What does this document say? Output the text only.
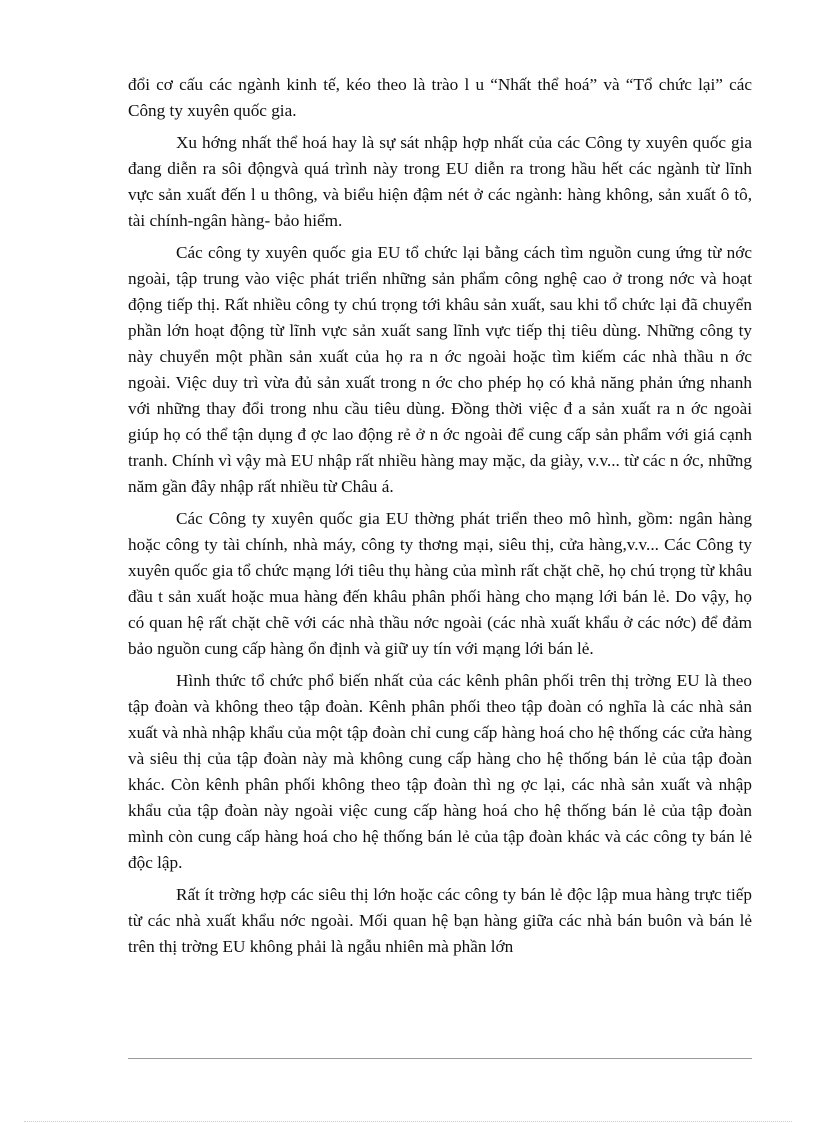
đổi cơ cấu các ngành kinh tế, kéo theo là trào l u “Nhất thể hoá” và “Tổ chức lại” các Công ty xuyên quốc gia.

Xu hớng nhất thể hoá hay là sự sát nhập hợp nhất của các Công ty xuyên quốc gia đang diễn ra sôi độngvà quá trình này trong EU diễn ra trong hầu hết các ngành từ lĩnh vực sản xuất đến l u thông, và biểu hiện đậm nét ở các ngành: hàng không, sản xuất ô tô, tài chính-ngân hàng- bảo hiểm.

Các công ty xuyên quốc gia EU tổ chức lại bằng cách tìm nguồn cung ứng từ nớc ngoài, tập trung vào việc phát triển những sản phẩm công nghệ cao ở trong nớc và hoạt động tiếp thị. Rất nhiều công ty chú trọng tới khâu sản xuất, sau khi tổ chức lại đã chuyển phần lớn hoạt động từ lĩnh vực sản xuất sang lĩnh vực tiếp thị tiêu dùng. Những công ty này chuyển một phần sản xuất của họ ra n ớc ngoài hoặc tìm kiếm các nhà thầu n ớc ngoài. Việc duy trì vừa đủ sản xuất trong n ớc cho phép họ có khả năng phản ứng nhanh với những thay đổi trong nhu cầu tiêu dùng. Đồng thời việc đ a sản xuất ra n ớc ngoài giúp họ có thể tận dụng đ ợc lao động rẻ ở n ớc ngoài để cung cấp sản phẩm với giá cạnh tranh. Chính vì vậy mà EU nhập rất nhiều hàng may mặc, da giày, v.v... từ các n ớc, những năm gần đây nhập rất nhiều từ Châu á.

Các Công ty xuyên quốc gia EU thờng phát triển theo mô hình, gồm: ngân hàng hoặc công ty tài chính, nhà máy, công ty thơng mại, siêu thị, cửa hàng,v.v... Các Công ty xuyên quốc gia tổ chức mạng lới tiêu thụ hàng của mình rất chặt chẽ, họ chú trọng từ khâu đầu t sản xuất hoặc mua hàng đến khâu phân phối hàng cho mạng lới bán lẻ. Do vậy, họ có quan hệ rất chặt chẽ với các nhà thầu nớc ngoài (các nhà xuất khẩu ở các nớc) để đảm bảo nguồn cung cấp hàng ổn định và giữ uy tín với mạng lới bán lẻ.

Hình thức tổ chức phổ biến nhất của các kênh phân phối trên thị trờng EU là theo tập đoàn và không theo tập đoàn. Kênh phân phối theo tập đoàn có nghĩa là các nhà sản xuất và nhà nhập khẩu của một tập đoàn chỉ cung cấp hàng hoá cho hệ thống các cửa hàng và siêu thị của tập đoàn này mà không cung cấp hàng cho hệ thống bán lẻ của tập đoàn khác. Còn kênh phân phối không theo tập đoàn thì ng ợc lại, các nhà sản xuất và nhập khẩu của tập đoàn này ngoài việc cung cấp hàng hoá cho hệ thống bán lẻ của tập đoàn mình còn cung cấp hàng hoá cho hệ thống bán lẻ của tập đoàn khác và các công ty bán lẻ độc lập.

Rất ít trờng hợp các siêu thị lớn hoặc các công ty bán lẻ độc lập mua hàng trực tiếp từ các nhà xuất khẩu nớc ngoài. Mối quan hệ bạn hàng giữa các nhà bán buôn và bán lẻ trên thị trờng EU không phải là ngẫu nhiên mà phần lớn
